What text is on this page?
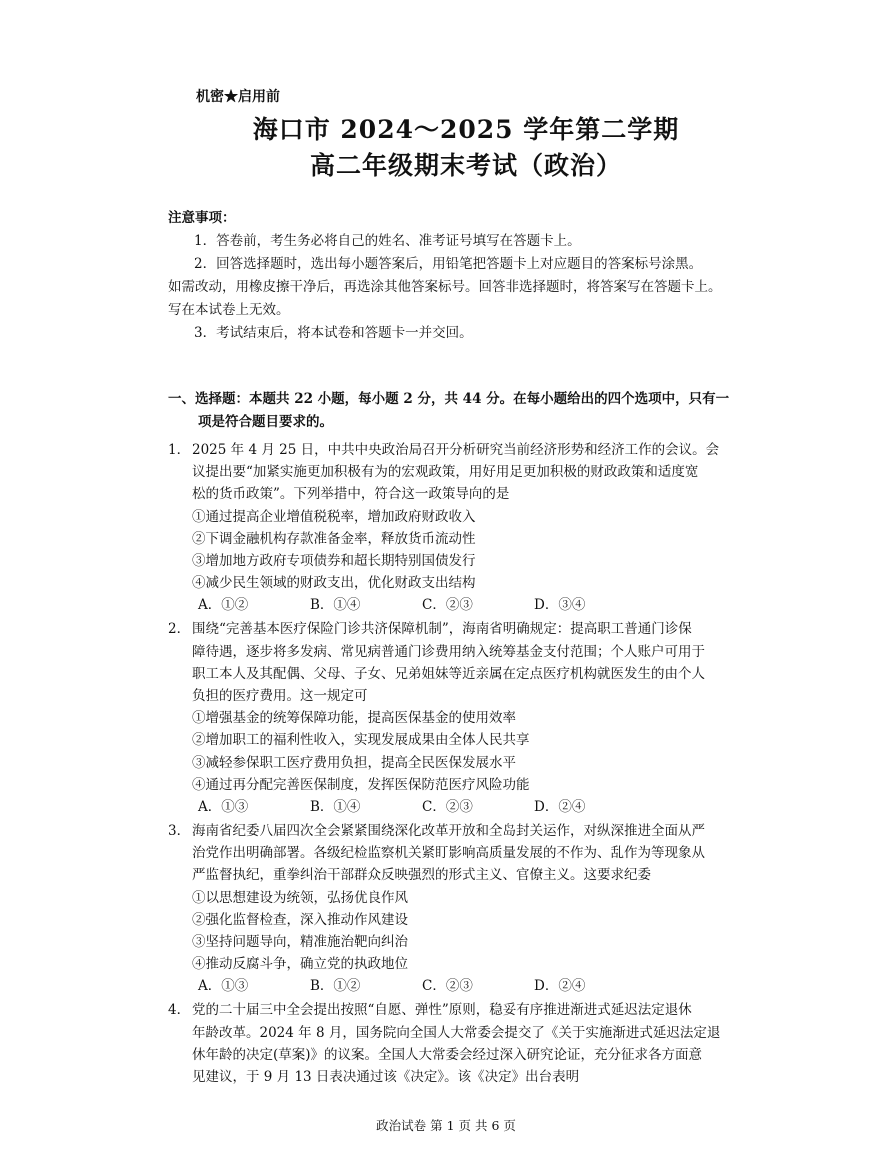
机密★启用前
海口市 2024～2025 学年第二学期
高二年级期末考试（政治）
注意事项：
1．答卷前，考生务必将自己的姓名、准考证号填写在答题卡上。
2．回答选择题时，选出每小题答案后，用铅笔把答题卡上对应题目的答案标号涂黑。
如需改动，用橡皮擦干净后，再选涂其他答案标号。回答非选择题时，将答案写在答题卡上。
写在本试卷上无效。
3．考试结束后，将本试卷和答题卡一并交回。
一、选择题：本题共 22 小题，每小题 2 分，共 44 分。在每小题给出的四个选项中，只有一
项是符合题目要求的。
1． 2025 年 4 月 25 日，中共中央政治局召开分析研究当前经济形势和经济工作的会议。会
议提出要“加紧实施更加积极有为的宏观政策，用好用足更加积极的财政政策和适度宽
松的货币政策”。下列举措中，符合这一政策导向的是
①通过提高企业增值税税率，增加政府财政收入
②下调金融机构存款准备金率，释放货币流动性
③增加地方政府专项债券和超长期特别国债发行
④减少民生领域的财政支出，优化财政支出结构
A．①②	B．①④	C．②③	D．③④
2． 围绕“完善基本医疗保险门诊共济保障机制”，海南省明确规定：提高职工普通门诊保
障待遇，逐步将多发病、常见病普通门诊费用纳入统筹基金支付范围；个人账户可用于
职工本人及其配偶、父母、子女、兄弟姐妹等近亲属在定点医疗机构就医发生的由个人
负担的医疗费用。这一规定可
①增强基金的统筹保障功能，提高医保基金的使用效率
②增加职工的福利性收入，实现发展成果由全体人民共享
③减轻参保职工医疗费用负担，提高全民医保发展水平
④通过再分配完善医保制度，发挥医保防范医疗风险功能
A．①③	B．①④	C．②③	D．②④
3． 海南省纪委八届四次全会紧紧围绕深化改革开放和全岛封关运作，对纵深推进全面从严
治党作出明确部署。各级纪检监察机关紧盯影响高质量发展的不作为、乱作为等现象从
严监督执纪，重拳纠治干部群众反映强烈的形式主义、官僚主义。这要求纪委
①以思想建设为统领，弘扬优良作风
②强化监督检查，深入推动作风建设
③坚持问题导向，精准施治靶向纠治
④推动反腐斗争，确立党的执政地位
A．①③	B．①②	C．②③	D．②④
4． 党的二十届三中全会提出按照“自愿、弹性”原则，稳妥有序推进渐进式延迟法定退休
年龄改革。2024 年 8 月，国务院向全国人大常委会提交了《关于实施渐进式延迟法定退
休年龄的决定(草案)》的议案。全国人大常委会经过深入研究论证，充分征求各方面意
见建议，于 9 月 13 日表决通过该《决定》。该《决定》出台表明
政治试卷 第 1 页 共 6 页
